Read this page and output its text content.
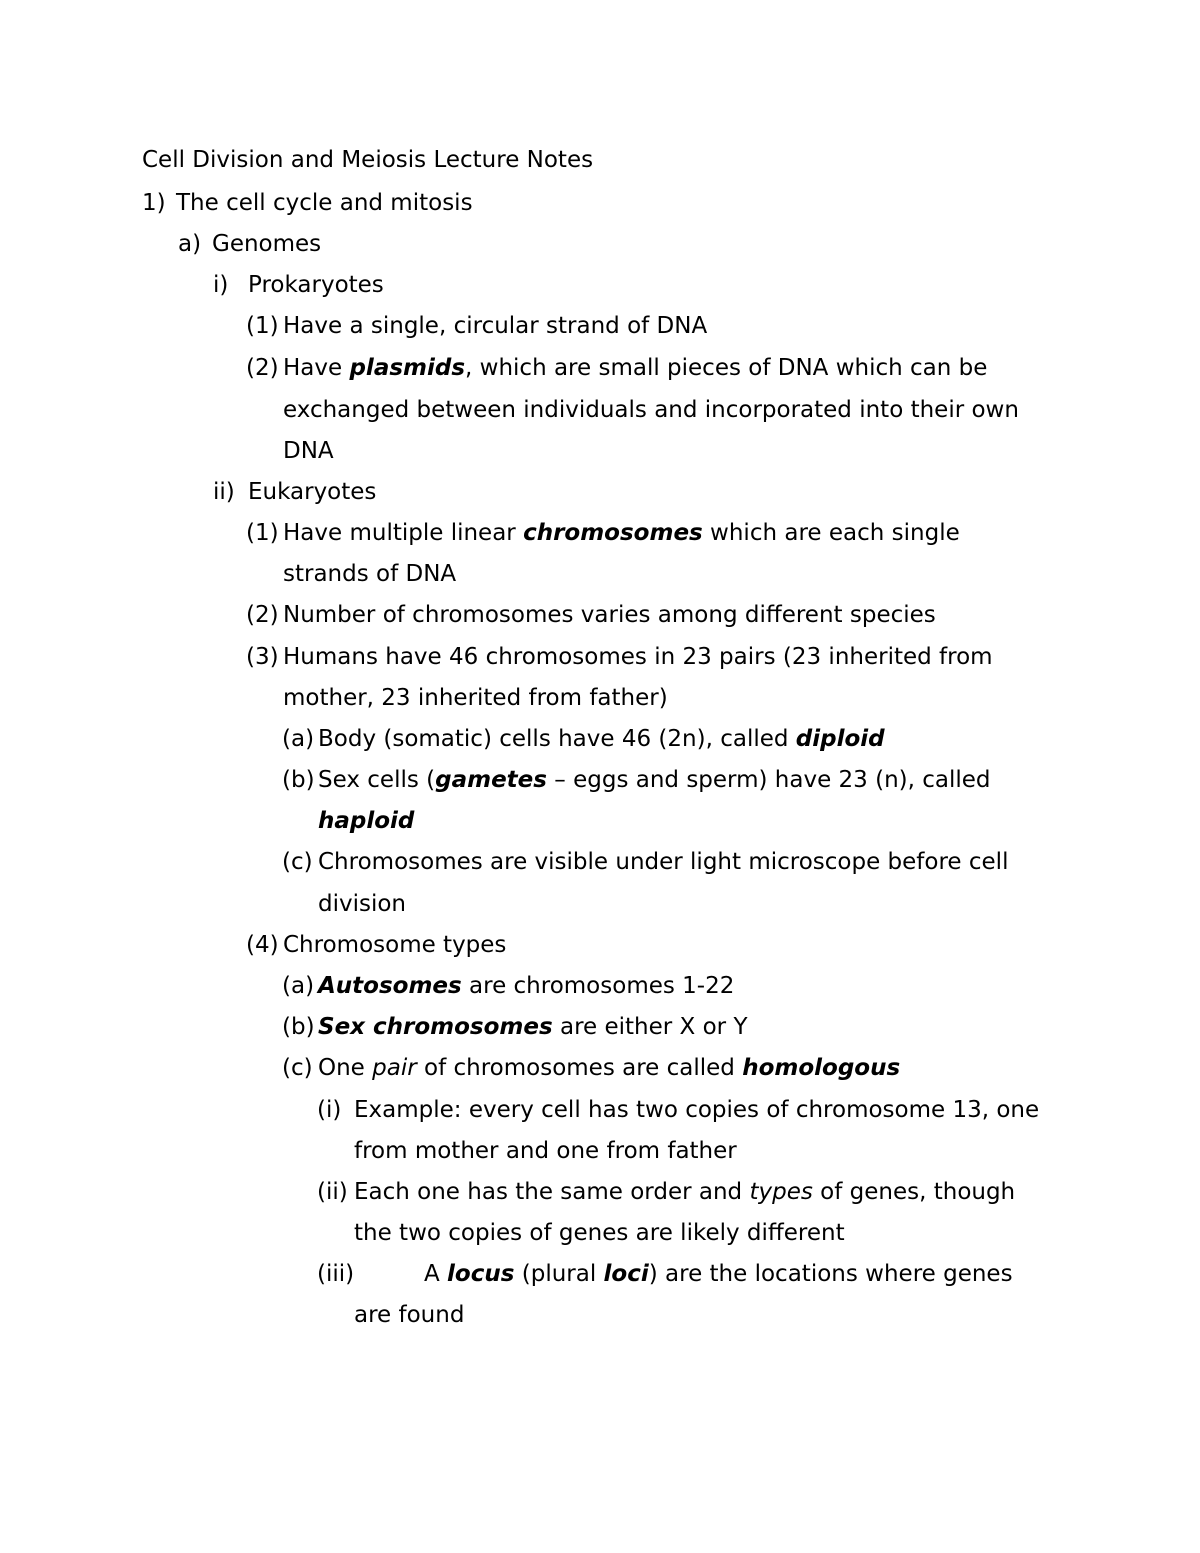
Cell Division and Meiosis Lecture Notes
1) The cell cycle and mitosis
a) Genomes
i) Prokaryotes
(1) Have a single, circular strand of DNA
(2) Have plasmids, which are small pieces of DNA which can be
exchanged between individuals and incorporated into their own
DNA
ii) Eukaryotes
(1) Have multiple linear chromosomes which are each single
strands of DNA
(2) Number of chromosomes varies among different species
(3) Humans have 46 chromosomes in 23 pairs (23 inherited from
mother, 23 inherited from father)
(a) Body (somatic) cells have 46 (2n), called diploid
(b) Sex cells (gametes – eggs and sperm) have 23 (n), called
haploid
(c) Chromosomes are visible under light microscope before cell
division
(4) Chromosome types
(a) Autosomes are chromosomes 1-22
(b) Sex chromosomes are either X or Y
(c) One pair of chromosomes are called homologous
(i) Example: every cell has two copies of chromosome 13, one
from mother and one from father
(ii) Each one has the same order and types of genes, though
the two copies of genes are likely different
(iii)	A locus (plural loci) are the locations where genes
are found
